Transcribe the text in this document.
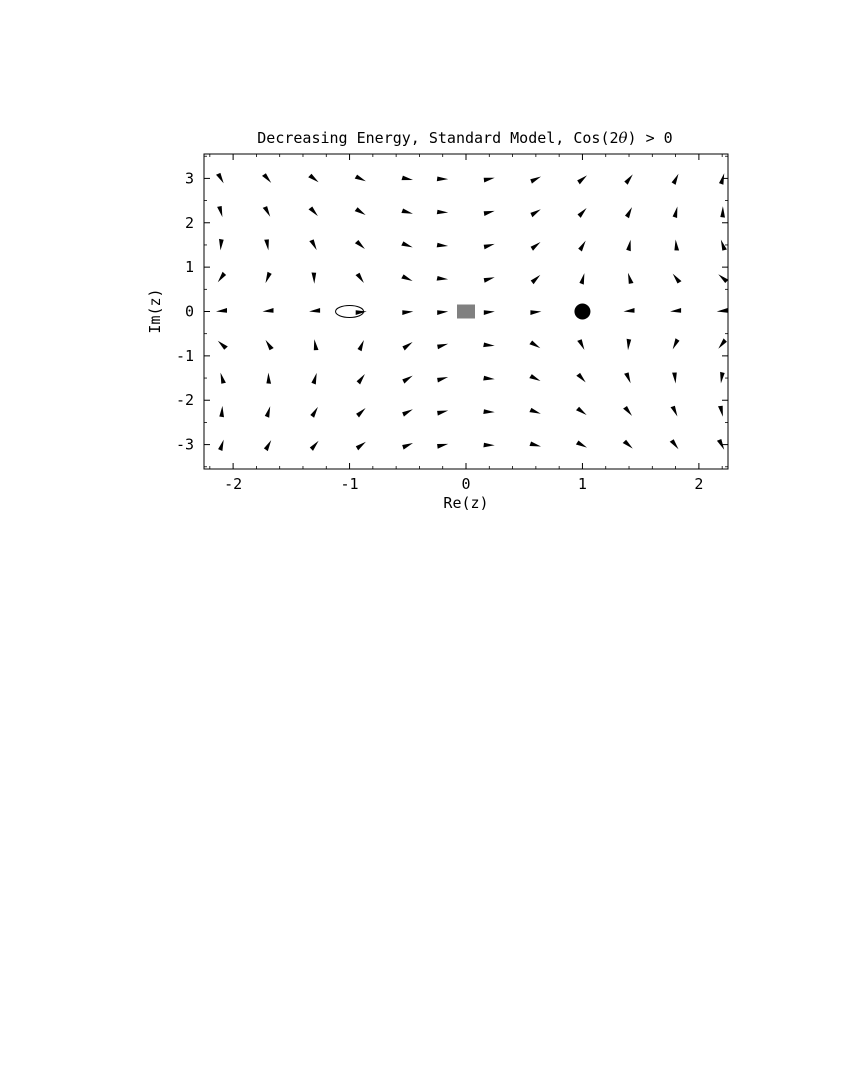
Decreasing Energy, Standard Model, Cos(2θ) > 0
-2	-1	0	1	2
3
2
1
0
-1
-2
-3
Re(z)
Im(z)
